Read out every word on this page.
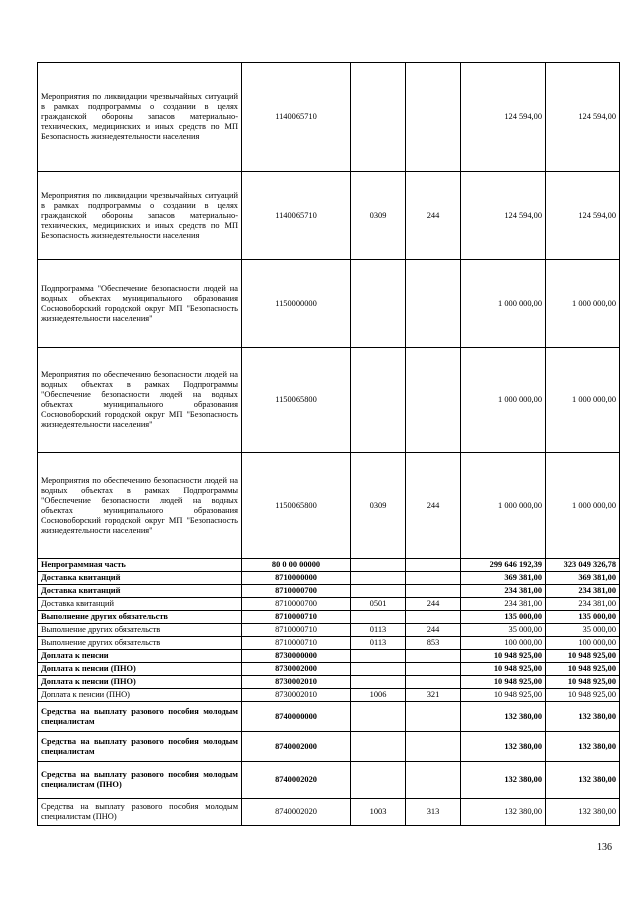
Мероприятия по ликвидации чрезвычайных ситуаций в рамках подпрограммы о создании в целях гражданской обороны запасов материально-технических, медицинских и иных средств по МП Безопасность жизнедеятельности населения	1140065710			124 594,00	124 594,00
Мероприятия по ликвидации чрезвычайных ситуаций в рамках подпрограммы о создании в целях гражданской обороны запасов материально-технических, медицинских и иных средств по МП Безопасность жизнедеятельности населения	1140065710	0309	244	124 594,00	124 594,00
Подпрограмма "Обеспечение безопасности людей на водных объектах муниципального образования Сосновоборский городской округ МП "Безопасность жизнедеятельности населения"	1150000000			1 000 000,00	1 000 000,00
Мероприятия по обеспечению безопасности людей на водных объектах в рамках Подпрограммы "Обеспечение безопасности людей на водных объектах муниципального образования Сосновоборский городской округ МП "Безопасность жизнедеятельности населения"	1150065800			1 000 000,00	1 000 000,00
Мероприятия по обеспечению безопасности людей на водных объектах в рамках Подпрограммы "Обеспечение безопасности людей на водных объектах муниципального образования Сосновоборский городской округ МП "Безопасность жизнедеятельности населения"	1150065800	0309	244	1 000 000,00	1 000 000,00
Непрограммная часть	80 0 00 00000			299 646 192,39	323 049 326,78
Доставка квитанций	8710000000			369 381,00	369 381,00
Доставка квитанций	8710000700			234 381,00	234 381,00
Доставка квитанций	8710000700	0501	244	234 381,00	234 381,00
Выполнение других обязательств	8710000710			135 000,00	135 000,00
Выполнение других обязательств	8710000710	0113	244	35 000,00	35 000,00
Выполнение других обязательств	8710000710	0113	853	100 000,00	100 000,00
Доплата к пенсии	8730000000			10 948 925,00	10 948 925,00
Доплата к пенсии (ПНО)	8730002000			10 948 925,00	10 948 925,00
Доплата к пенсии (ПНО)	8730002010			10 948 925,00	10 948 925,00
Доплата к пенсии (ПНО)	8730002010	1006	321	10 948 925,00	10 948 925,00
Средства на выплату разового пособия молодым специалистам	8740000000			132 380,00	132 380,00
Средства на выплату разового пособия молодым специалистам	8740002000			132 380,00	132 380,00
Средства на выплату разового пособия молодым специалистам (ПНО)	8740002020			132 380,00	132 380,00
Средства на выплату разового пособия молодым специалистам (ПНО)	8740002020	1003	313	132 380,00	132 380,00
136
